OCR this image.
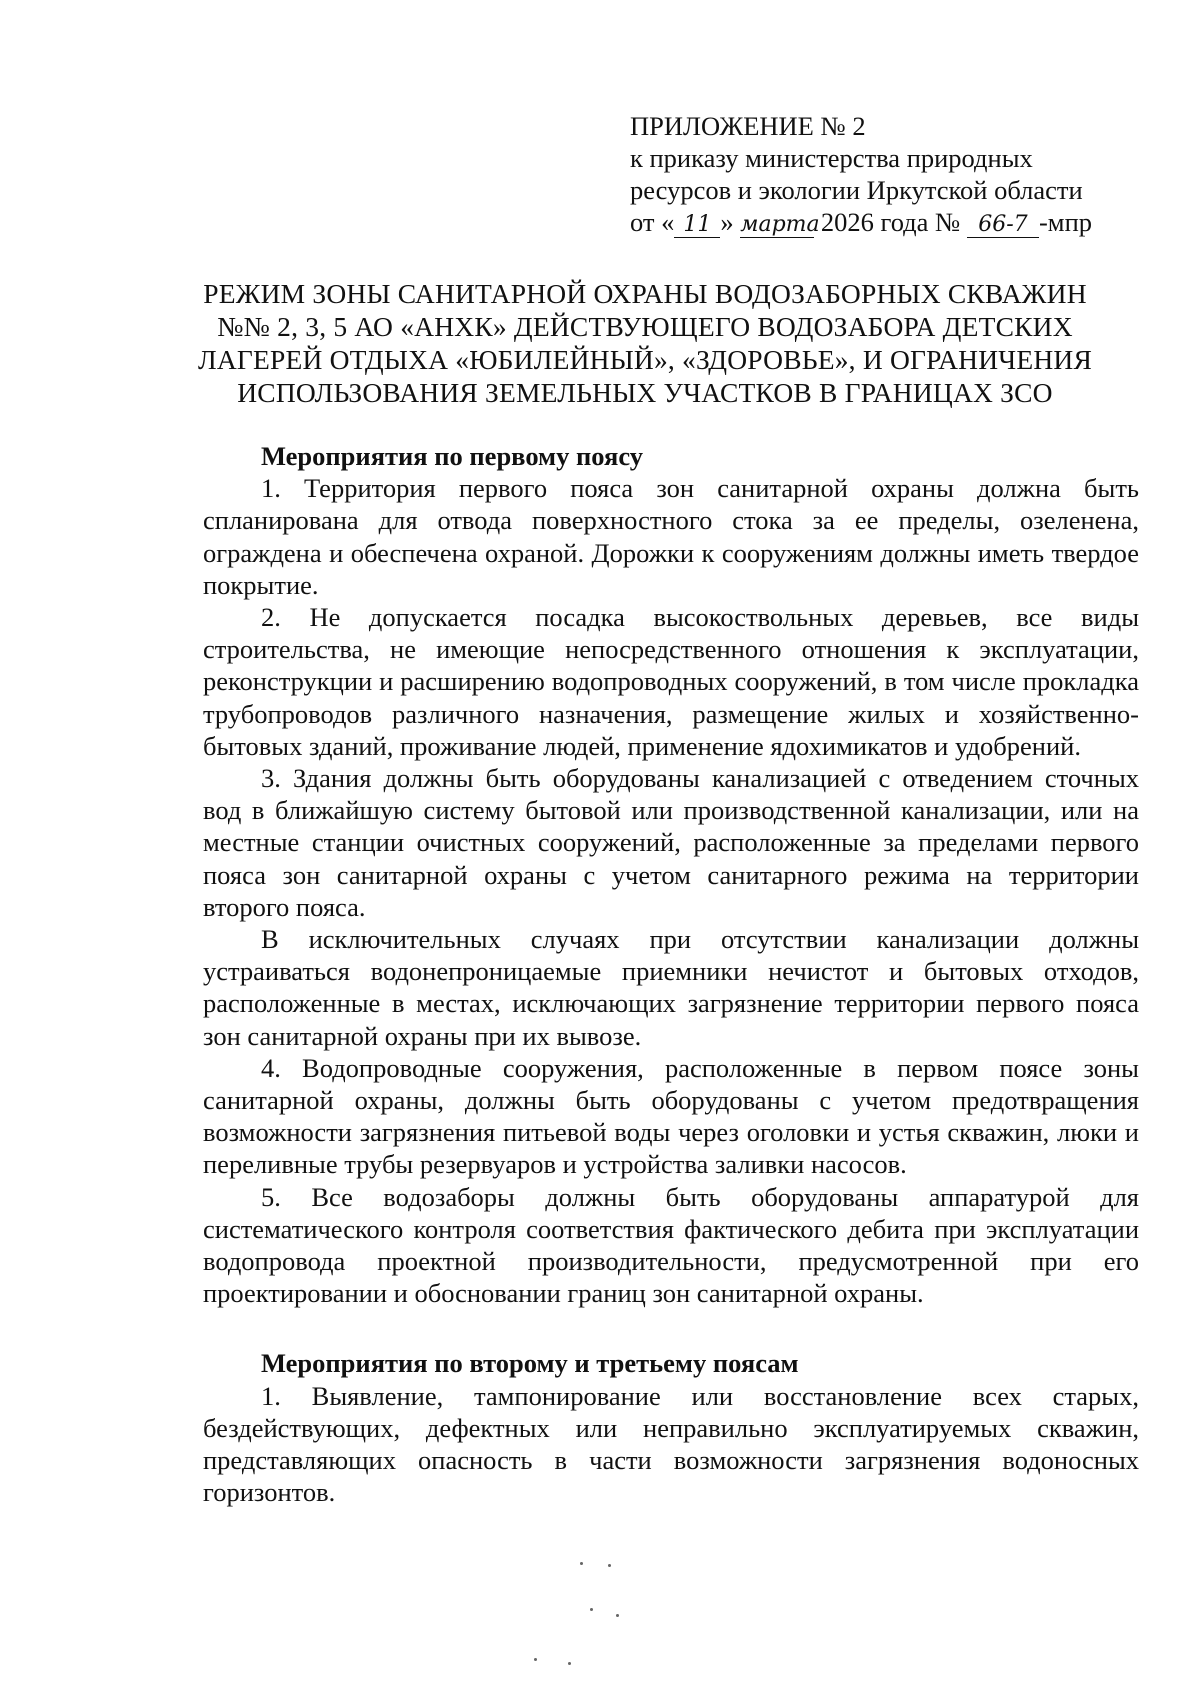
ПРИЛОЖЕНИЕ № 2
к приказу министерства природных
ресурсов и экологии Иркутской области
от « 11 » марта 2026 года № 66-7 -мпр
РЕЖИМ ЗОНЫ САНИТАРНОЙ ОХРАНЫ ВОДОЗАБОРНЫХ СКВАЖИН
№№ 2, 3, 5 АО «АНХК» ДЕЙСТВУЮЩЕГО ВОДОЗАБОРА ДЕТСКИХ
ЛАГЕРЕЙ ОТДЫХА «ЮБИЛЕЙНЫЙ», «ЗДОРОВЬЕ», И ОГРАНИЧЕНИЯ
ИСПОЛЬЗОВАНИЯ ЗЕМЕЛЬНЫХ УЧАСТКОВ В ГРАНИЦАХ ЗСО

Мероприятия по первому поясу

1. Территория первого пояса зон санитарной охраны должна быть спланирована для отвода поверхностного стока за ее пределы, озеленена, ограждена и обеспечена охраной. Дорожки к сооружениям должны иметь твердое покрытие.

2. Не допускается посадка высокоствольных деревьев, все виды строительства, не имеющие непосредственного отношения к эксплуатации, реконструкции и расширению водопроводных сооружений, в том числе прокладка трубопроводов различного назначения, размещение жилых и хозяйственно-бытовых зданий, проживание людей, применение ядохимикатов и удобрений.

3. Здания должны быть оборудованы канализацией с отведением сточных вод в ближайшую систему бытовой или производственной канализации, или на местные станции очистных сооружений, расположенные за пределами первого пояса зон санитарной охраны с учетом санитарного режима на территории второго пояса.

В исключительных случаях при отсутствии канализации должны устраиваться водонепроницаемые приемники нечистот и бытовых отходов, расположенные в местах, исключающих загрязнение территории первого пояса зон санитарной охраны при их вывозе.

4. Водопроводные сооружения, расположенные в первом поясе зоны санитарной охраны, должны быть оборудованы с учетом предотвращения возможности загрязнения питьевой воды через оголовки и устья скважин, люки и переливные трубы резервуаров и устройства заливки насосов.

5. Все водозаборы должны быть оборудованы аппаратурой для систематического контроля соответствия фактического дебита при эксплуатации водопровода проектной производительности, предусмотренной при его проектировании и обосновании границ зон санитарной охраны.

Мероприятия по второму и третьему поясам

1. Выявление, тампонирование или восстановление всех старых, бездействующих, дефектных или неправильно эксплуатируемых скважин, представляющих опасность в части возможности загрязнения водоносных горизонтов.
